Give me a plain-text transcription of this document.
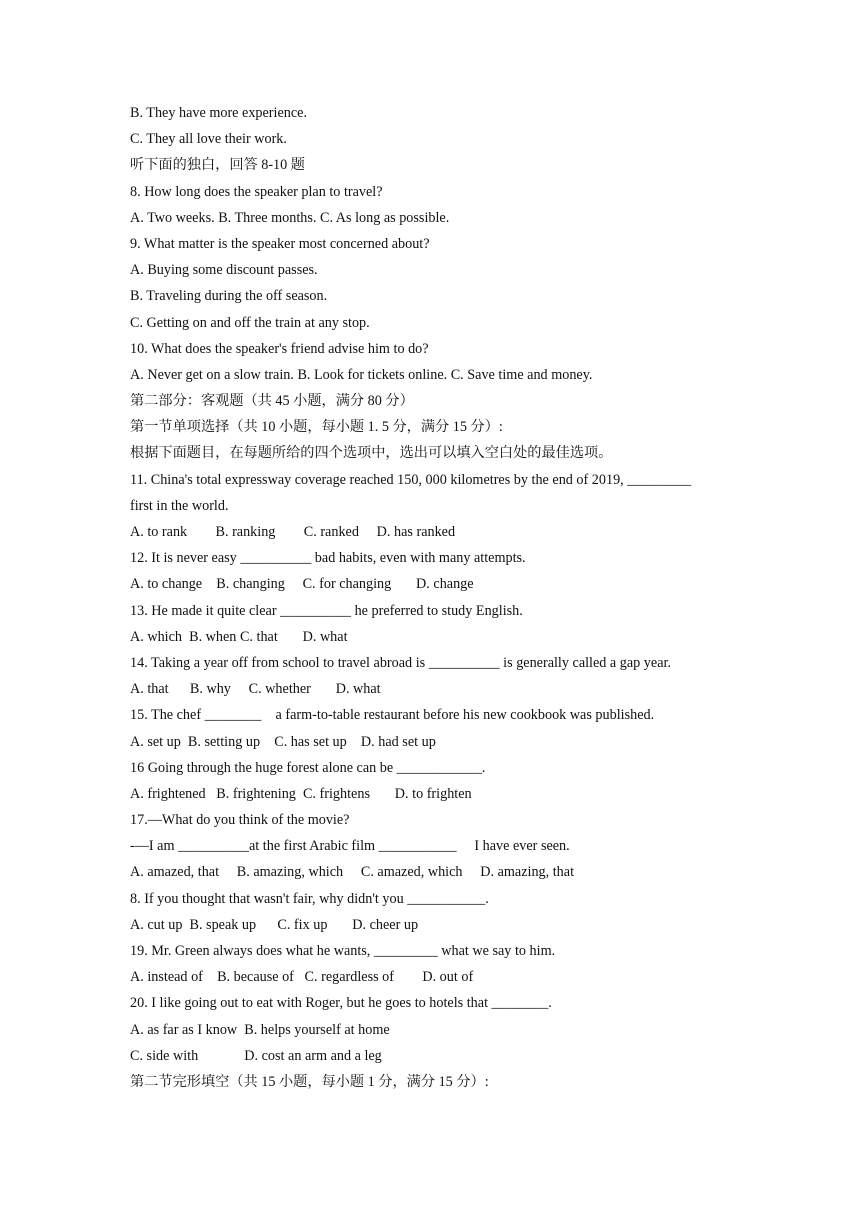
B. They have more experience.
C. They all love their work.
听下面的独白，回答 8-10 题
8. How long does the speaker plan to travel?
A. Two weeks. B. Three months. C. As long as possible.
9. What matter is the speaker most concerned about?
A. Buying some discount passes.
B. Traveling during the off season.
C. Getting on and off the train at any stop.
10. What does the speaker's friend advise him to do?
A. Never get on a slow train. B. Look for tickets online. C. Save time and money.
第二部分：客观题（共 45 小题，满分 80 分）
第一节单项选择（共 10 小题，每小题 1. 5 分，满分 15 分）:
根据下面题目，在每题所给的四个选项中，选出可以填入空白处的最佳选项。
11. China's total expressway coverage reached 150, 000 kilometres by the end of 2019, _________
first in the world.
A. to rank        B. ranking        C. ranked     D. has ranked
12. It is never easy __________ bad habits, even with many attempts.
A. to change    B. changing     C. for changing       D. change
13. He made it quite clear __________ he preferred to study English.
A. which  B. when C. that       D. what
14. Taking a year off from school to travel abroad is __________ is generally called a gap year.
A. that      B. why     C. whether       D. what
15. The chef ________    a farm-to-table restaurant before his new cookbook was published.
A. set up  B. setting up    C. has set up    D. had set up
16 Going through the huge forest alone can be ____________.
A. frightened   B. frightening  C. frightens       D. to frighten
17.—What do you think of the movie?
-—I am __________at the first Arabic film ___________     I have ever seen.
A. amazed, that     B. amazing, which     C. amazed, which     D. amazing, that
8. If you thought that wasn't fair, why didn't you ___________.
A. cut up  B. speak up      C. fix up       D. cheer up
19. Mr. Green always does what he wants, _________ what we say to him.
A. instead of    B. because of   C. regardless of        D. out of
20. I like going out to eat with Roger, but he goes to hotels that ________.
A. as far as I know  B. helps yourself at home
C. side with             D. cost an arm and a leg
第二节完形填空（共 15 小题，每小题 1 分，满分 15 分）:
